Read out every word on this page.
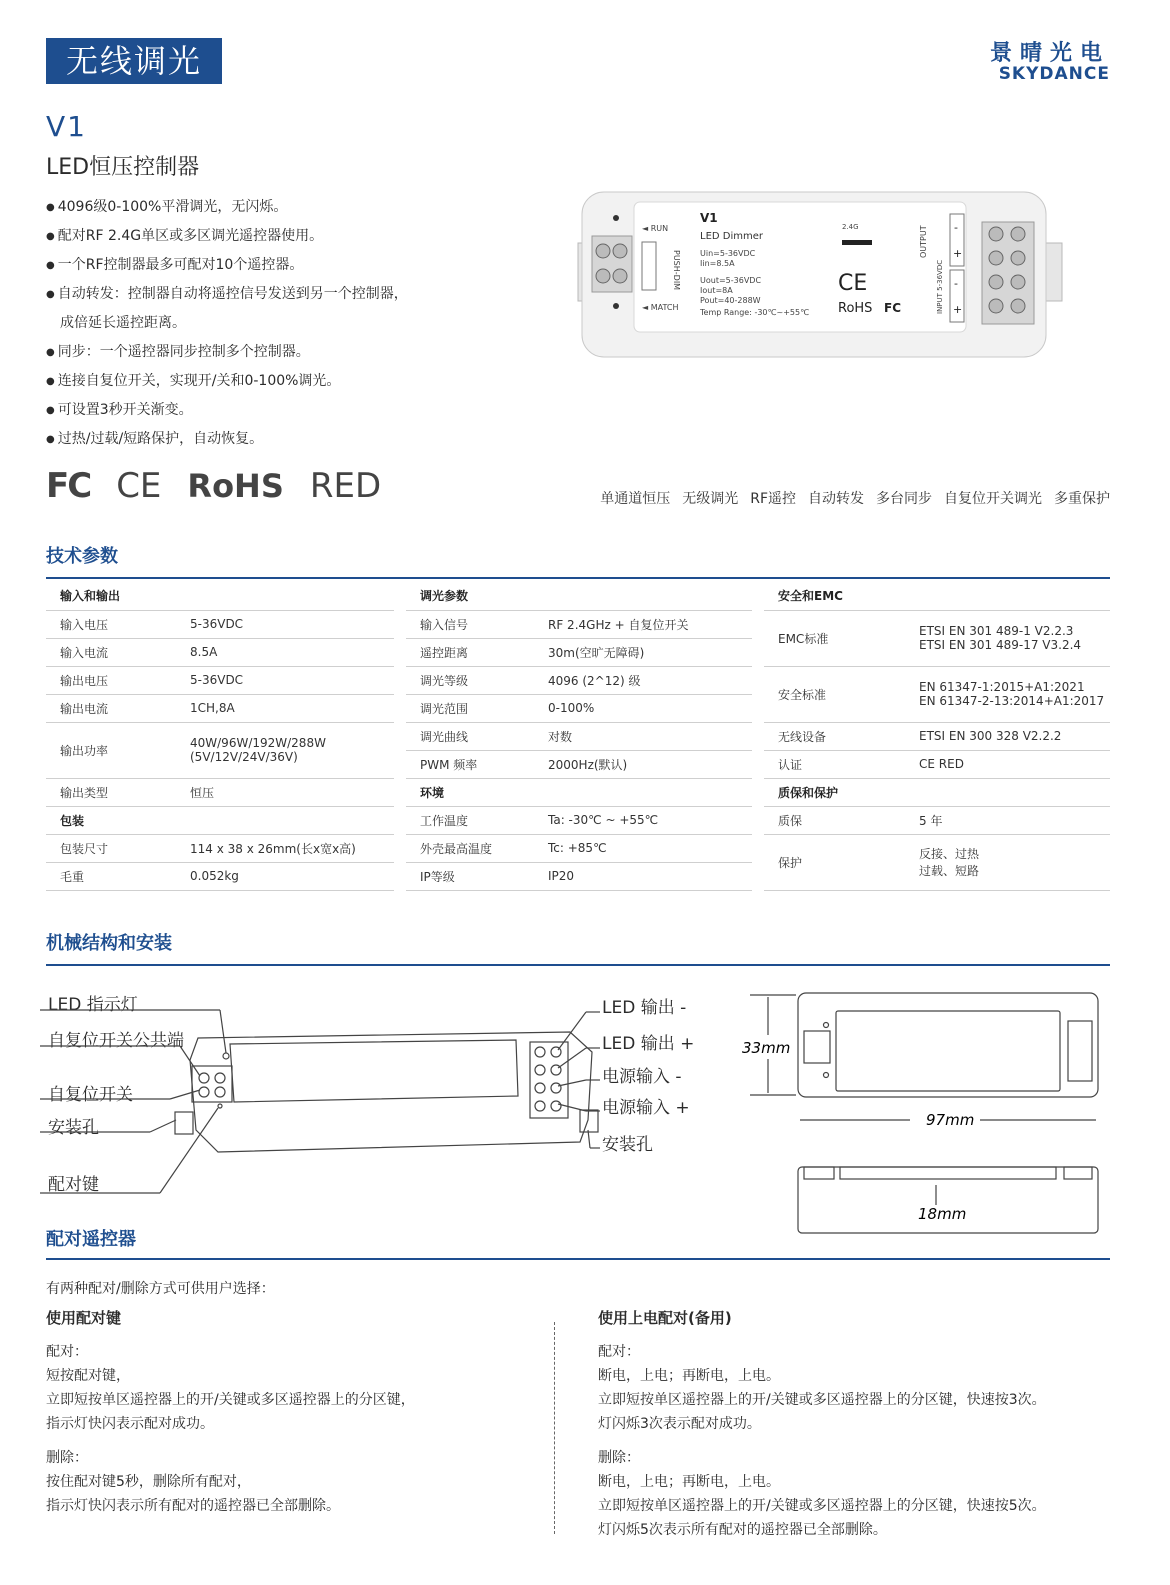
无线调光	景晴光电
SKYDANCE
V1
LED恒压控制器
● 4096级0-100%平滑调光，无闪烁。
● 配对RF 2.4G单区或多区调光遥控器使用。
● 一个RF控制器最多可配对10个遥控器。
● 自动转发：控制器自动将遥控信号发送到另一个控制器，
成倍延长遥控距离。
● 同步：一个遥控器同步控制多个控制器。
● 连接自复位开关，实现开/关和0-100%调光。
● 可设置3秒开关渐变。
● 过热/过载/短路保护，自动恢复。
◄ RUN
◄ MATCH
PUSH-DIM
V1
LED Dimmer
Uin=5-36VDC
Iin=8.5A
Uout=5-36VDC
Iout=8A
Pout=40-288W
Temp Range: -30℃~+55℃
2.4G
CE
RoHS FC
OUTPUT
INPUT 5-36VDC
-
+
-
+
FC CE RoHS RED	单通道恒压 无级调光 RF遥控 自动转发 多台同步 自复位开关调光 多重保护
技术参数
输入和输出	
输入电压	5-36VDC
输入电流	8.5A
输出电压	5-36VDC
输出电流	1CH,8A
输出功率	40W/96W/192W/288W
(5V/12V/24V/36V)

输出类型	恒压
包装	
包装尺寸	114 x 38 x 26mm(长x宽x高)
毛重	0.052kg
调光参数	
输入信号	RF 2.4GHz + 自复位开关
遥控距离	30m(空旷无障碍)
调光等级	4096 (2^12) 级
调光范围	0-100%
调光曲线	对数
PWM 频率	2000Hz(默认)
环境	
工作温度	Ta: -30℃ ~ +55℃
外壳最高温度	Tc: +85℃
IP等级	IP20
安全和EMC	
EMC标准	ETSI EN 301 489-1 V2.2.3
ETSI EN 301 489-17 V3.2.4

安全标准	EN 61347-1:2015+A1:2021
EN 61347-2-13:2014+A1:2017

无线设备	ETSI EN 300 328 V2.2.2
认证	CE RED
质保和保护	
质保	5 年
保护	反接、过热
过载、短路
机械结构和安装
LED 指示灯
自复位开关公共端
自复位开关
安装孔
配对键
LED 输出 -
LED 输出 +
电源输入 -
电源输入 +
安装孔
33mm
97mm
18mm
配对遥控器
有两种配对/删除方式可供用户选择：
使用配对键
配对：
短按配对键，
立即短按单区遥控器上的开/关键或多区遥控器上的分区键，
指示灯快闪表示配对成功。
删除：
按住配对键5秒，删除所有配对，
指示灯快闪表示所有配对的遥控器已全部删除。
使用上电配对(备用)
配对：
断电，上电；再断电，上电。
立即短按单区遥控器上的开/关键或多区遥控器上的分区键，快速按3次。
灯闪烁3次表示配对成功。
删除：
断电，上电；再断电，上电。
立即短按单区遥控器上的开/关键或多区遥控器上的分区键，快速按5次。
灯闪烁5次表示所有配对的遥控器已全部删除。
